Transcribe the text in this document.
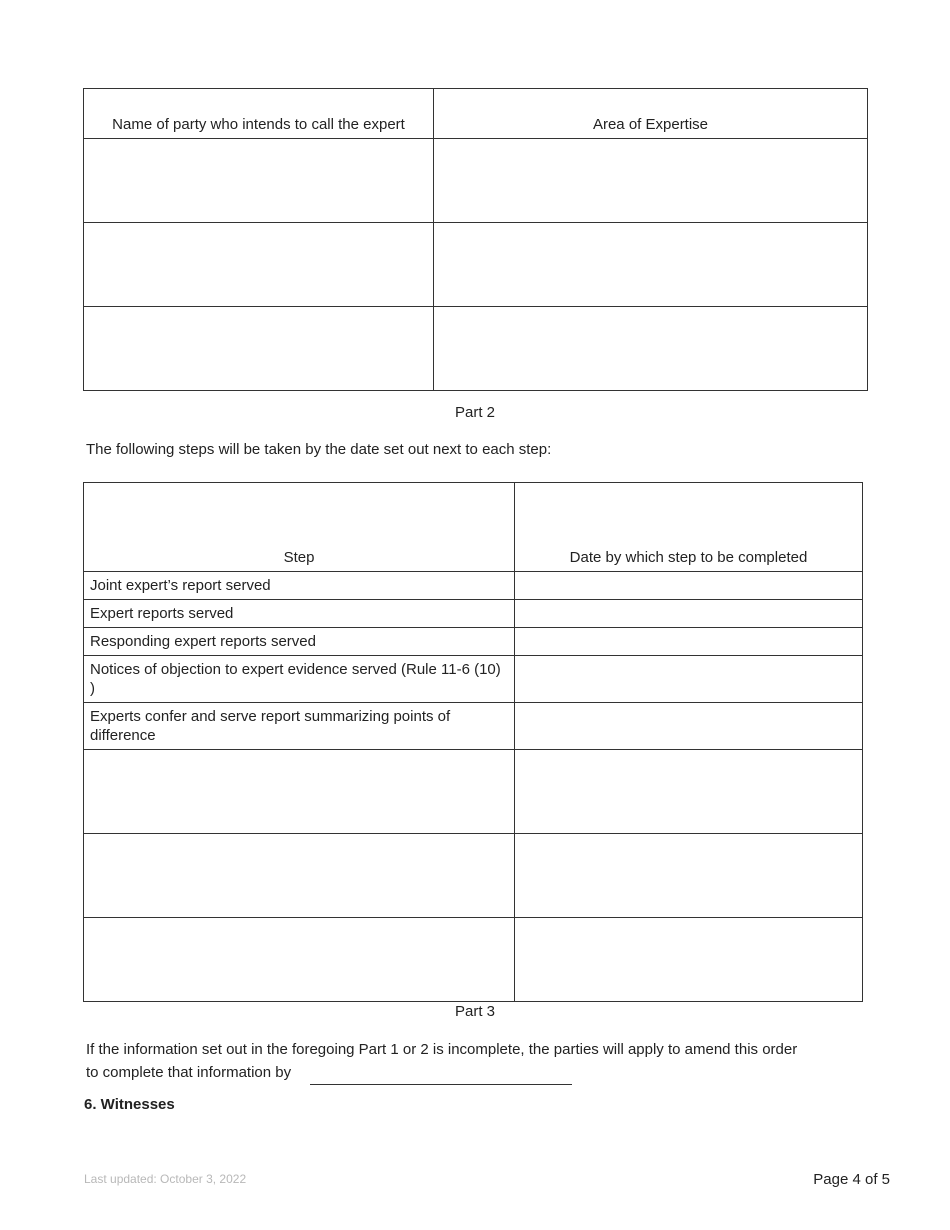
Name of party who intends to call the expert	Area of Expertise

Part 2
The following steps will be taken by the date set out next to each step:
Step	Date by which step to be completed
Joint expert’s report served	
Expert reports served	
Responding expert reports served	
Notices of objection to expert evidence served (Rule 11-6 (10) )	
Experts confer and serve report summarizing points of difference	

Part 3
If the information set out in the foregoing Part 1 or 2 is incomplete, the parties will apply to amend this order
to complete that information by
6. Witnesses
Last updated: October 3, 2022	Page 4 of 5
